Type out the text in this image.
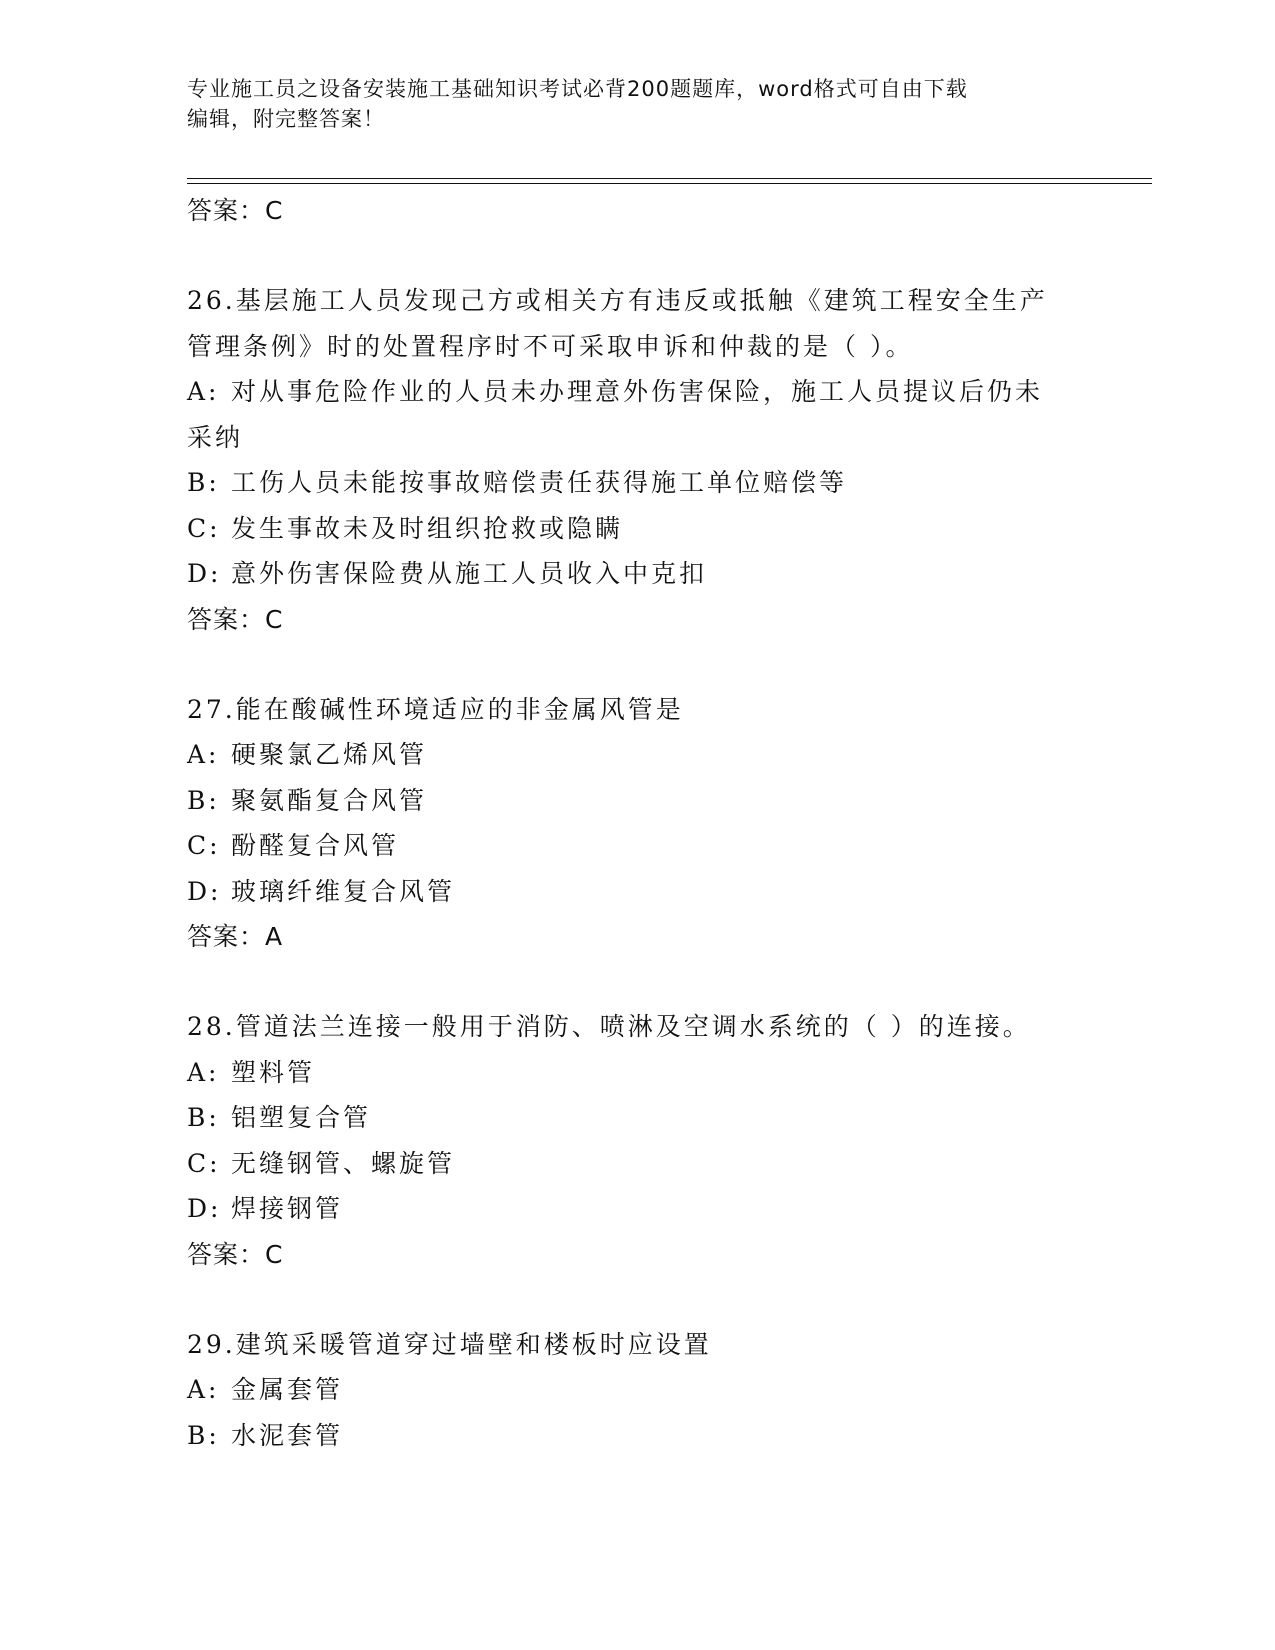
专业施工员之设备安装施工基础知识考试必背200题题库，word格式可自由下载
编辑，附完整答案！
答案：C
26.基层施工人员发现己方或相关方有违反或抵触《建筑工程安全生产
管理条例》时的处置程序时不可采取申诉和仲裁的是（ ）。
A: 对从事危险作业的人员未办理意外伤害保险，施工人员提议后仍未
采纳
B: 工伤人员未能按事故赔偿责任获得施工单位赔偿等
C: 发生事故未及时组织抢救或隐瞒
D: 意外伤害保险费从施工人员收入中克扣
答案：C
27.能在酸碱性环境适应的非金属风管是
A: 硬聚氯乙烯风管
B: 聚氨酯复合风管
C: 酚醛复合风管
D: 玻璃纤维复合风管
答案：A
28.管道法兰连接一般用于消防、喷淋及空调水系统的（ ）的连接。
A: 塑料管
B: 铝塑复合管
C: 无缝钢管、螺旋管
D: 焊接钢管
答案：C
29.建筑采暖管道穿过墙壁和楼板时应设置
A: 金属套管
B: 水泥套管
